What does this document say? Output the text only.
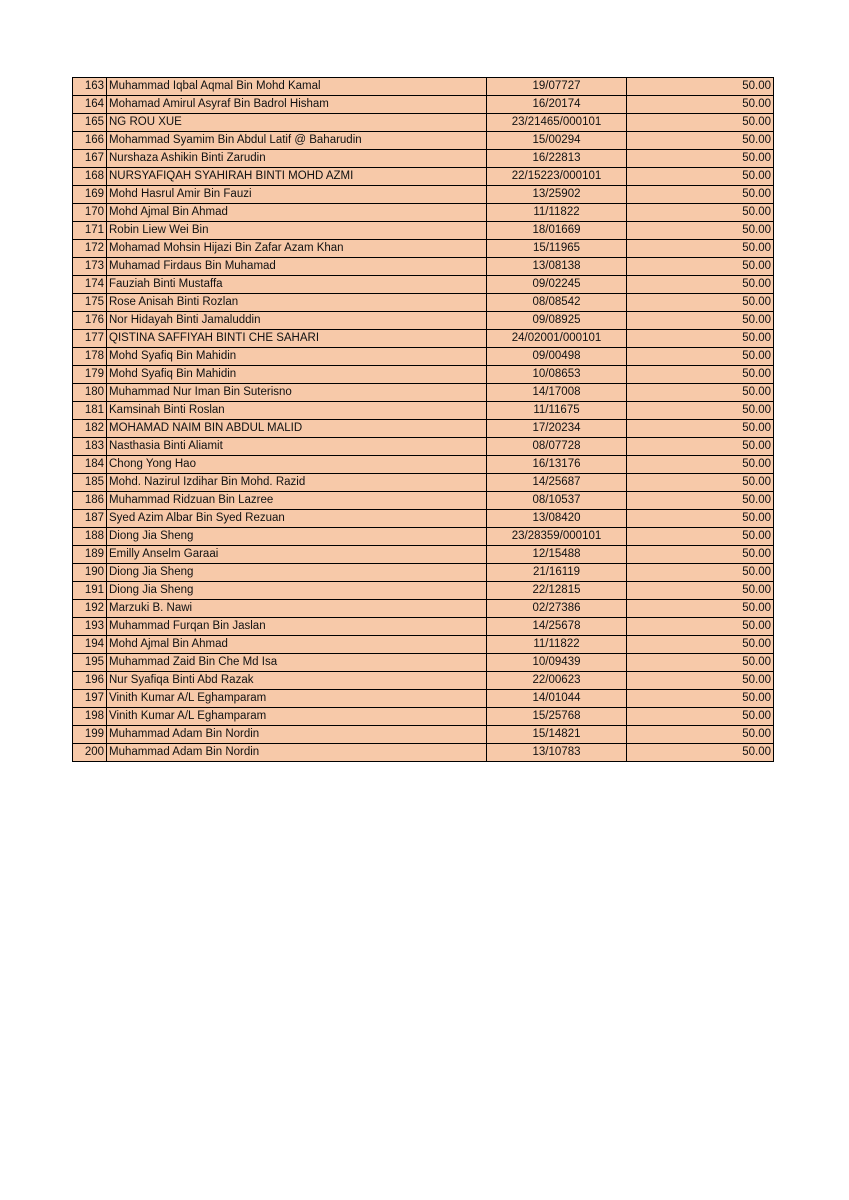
163	Muhammad Iqbal Aqmal Bin Mohd Kamal	19/07727	50.00
164	Mohamad Amirul Asyraf Bin Badrol Hisham	16/20174	50.00
165	NG ROU XUE	23/21465/000101	50.00
166	Mohammad Syamim Bin Abdul Latif @ Baharudin	15/00294	50.00
167	Nurshaza Ashikin Binti Zarudin	16/22813	50.00
168	NURSYAFIQAH SYAHIRAH BINTI MOHD AZMI	22/15223/000101	50.00
169	Mohd Hasrul Amir Bin Fauzi	13/25902	50.00
170	Mohd Ajmal Bin Ahmad	11/11822	50.00
171	Robin Liew Wei Bin	18/01669	50.00
172	Mohamad Mohsin Hijazi Bin Zafar Azam Khan	15/11965	50.00
173	Muhamad Firdaus Bin Muhamad	13/08138	50.00
174	Fauziah Binti Mustaffa	09/02245	50.00
175	Rose Anisah Binti Rozlan	08/08542	50.00
176	Nor Hidayah Binti Jamaluddin	09/08925	50.00
177	QISTINA SAFFIYAH BINTI CHE SAHARI	24/02001/000101	50.00
178	Mohd Syafiq Bin Mahidin	09/00498	50.00
179	Mohd Syafiq Bin Mahidin	10/08653	50.00
180	Muhammad Nur Iman Bin Suterisno	14/17008	50.00
181	Kamsinah Binti Roslan	11/11675	50.00
182	MOHAMAD NAIM BIN ABDUL MALID	17/20234	50.00
183	Nasthasia Binti Aliamit	08/07728	50.00
184	Chong Yong Hao	16/13176	50.00
185	Mohd. Nazirul Izdihar Bin Mohd. Razid	14/25687	50.00
186	Muhammad Ridzuan Bin Lazree	08/10537	50.00
187	Syed Azim Albar Bin Syed Rezuan	13/08420	50.00
188	Diong Jia Sheng	23/28359/000101	50.00
189	Emilly Anselm Garaai	12/15488	50.00
190	Diong Jia Sheng	21/16119	50.00
191	Diong Jia Sheng	22/12815	50.00
192	Marzuki B. Nawi	02/27386	50.00
193	Muhammad Furqan Bin Jaslan	14/25678	50.00
194	Mohd Ajmal Bin Ahmad	11/11822	50.00
195	Muhammad Zaid Bin Che Md Isa	10/09439	50.00
196	Nur Syafiqa Binti Abd Razak	22/00623	50.00
197	Vinith Kumar A/L Eghamparam	14/01044	50.00
198	Vinith Kumar A/L Eghamparam	15/25768	50.00
199	Muhammad Adam Bin Nordin	15/14821	50.00
200	Muhammad Adam Bin Nordin	13/10783	50.00
